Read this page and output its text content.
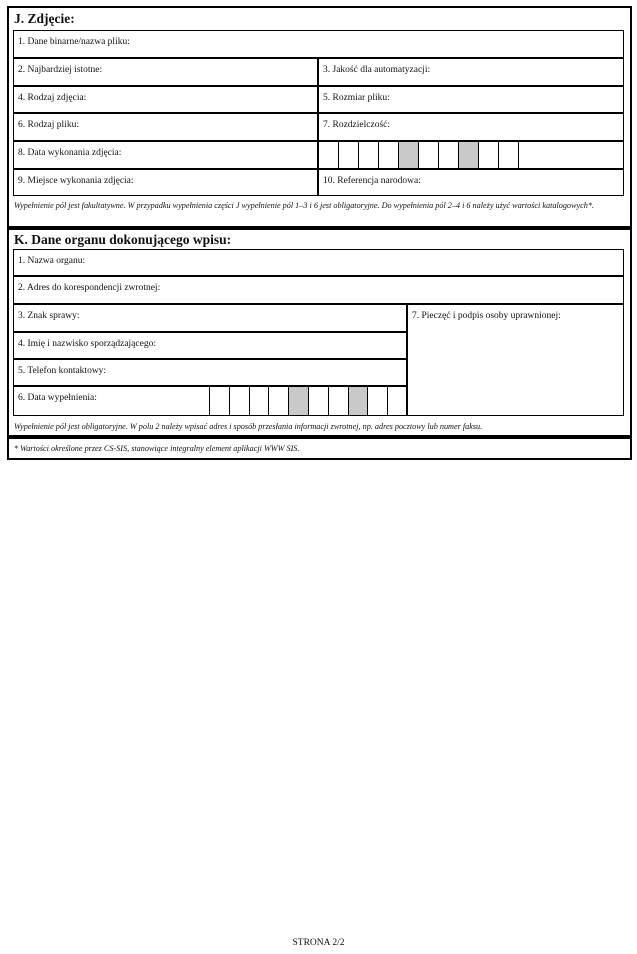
J. Zdjęcie:
1. Dane binarne/nazwa pliku:
2. Najbardziej istotne:	3. Jakość dla automatyzacji:
4. Rodzaj zdjęcia:	5. Rozmiar pliku:
6. Rodzaj pliku:	7. Rozdzielczość:
8. Data wykonania zdjęcia:
9. Miejsce wykonania zdjęcia:	10. Referencja narodowa:
Wypełnienie pól jest fakultatywne. W przypadku wypełnienia części J wypełnienie pól 1–3 i 6 jest obligatoryjne. Do wypełnienia pól 2–4 i 6 należy użyć wartości katalogowych*.
K. Dane organu dokonującego wpisu:
1. Nazwa organu:
2. Adres do korespondencji zwrotnej:
3. Znak sprawy:	7. Pieczęć i podpis osoby uprawnionej:
4. Imię i nazwisko sporządzającego:
5. Telefon kontaktowy:
6. Data wypełnienia:
Wypełnienie pól jest obligatoryjne. W polu 2 należy wpisać adres i sposób przesłania informacji zwrotnej, np. adres pocztowy lub numer faksu.
* Wartości określone przez CS-SIS, stanowiące integralny element aplikacji WWW SIS.
STRONA 2/2
